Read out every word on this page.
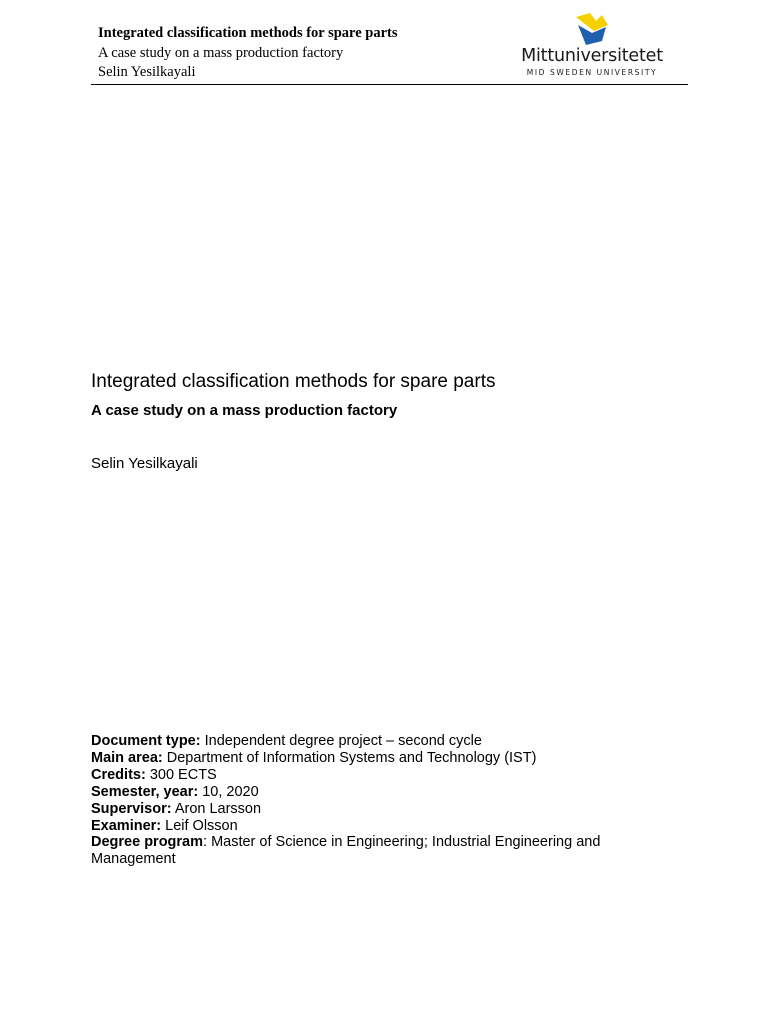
Integrated classification methods for spare parts
A case study on a mass production factory
Selin Yesilkayali
Mittuniversitetet
MID SWEDEN UNIVERSITY
Integrated classification methods for spare parts
A case study on a mass production factory
Selin Yesilkayali
Document type: Independent degree project – second cycle
Main area: Department of Information Systems and Technology (IST)
Credits: 300 ECTS
Semester, year: 10, 2020
Supervisor: Aron Larsson
Examiner: Leif Olsson
Degree program: Master of Science in Engineering; Industrial Engineering and Management
